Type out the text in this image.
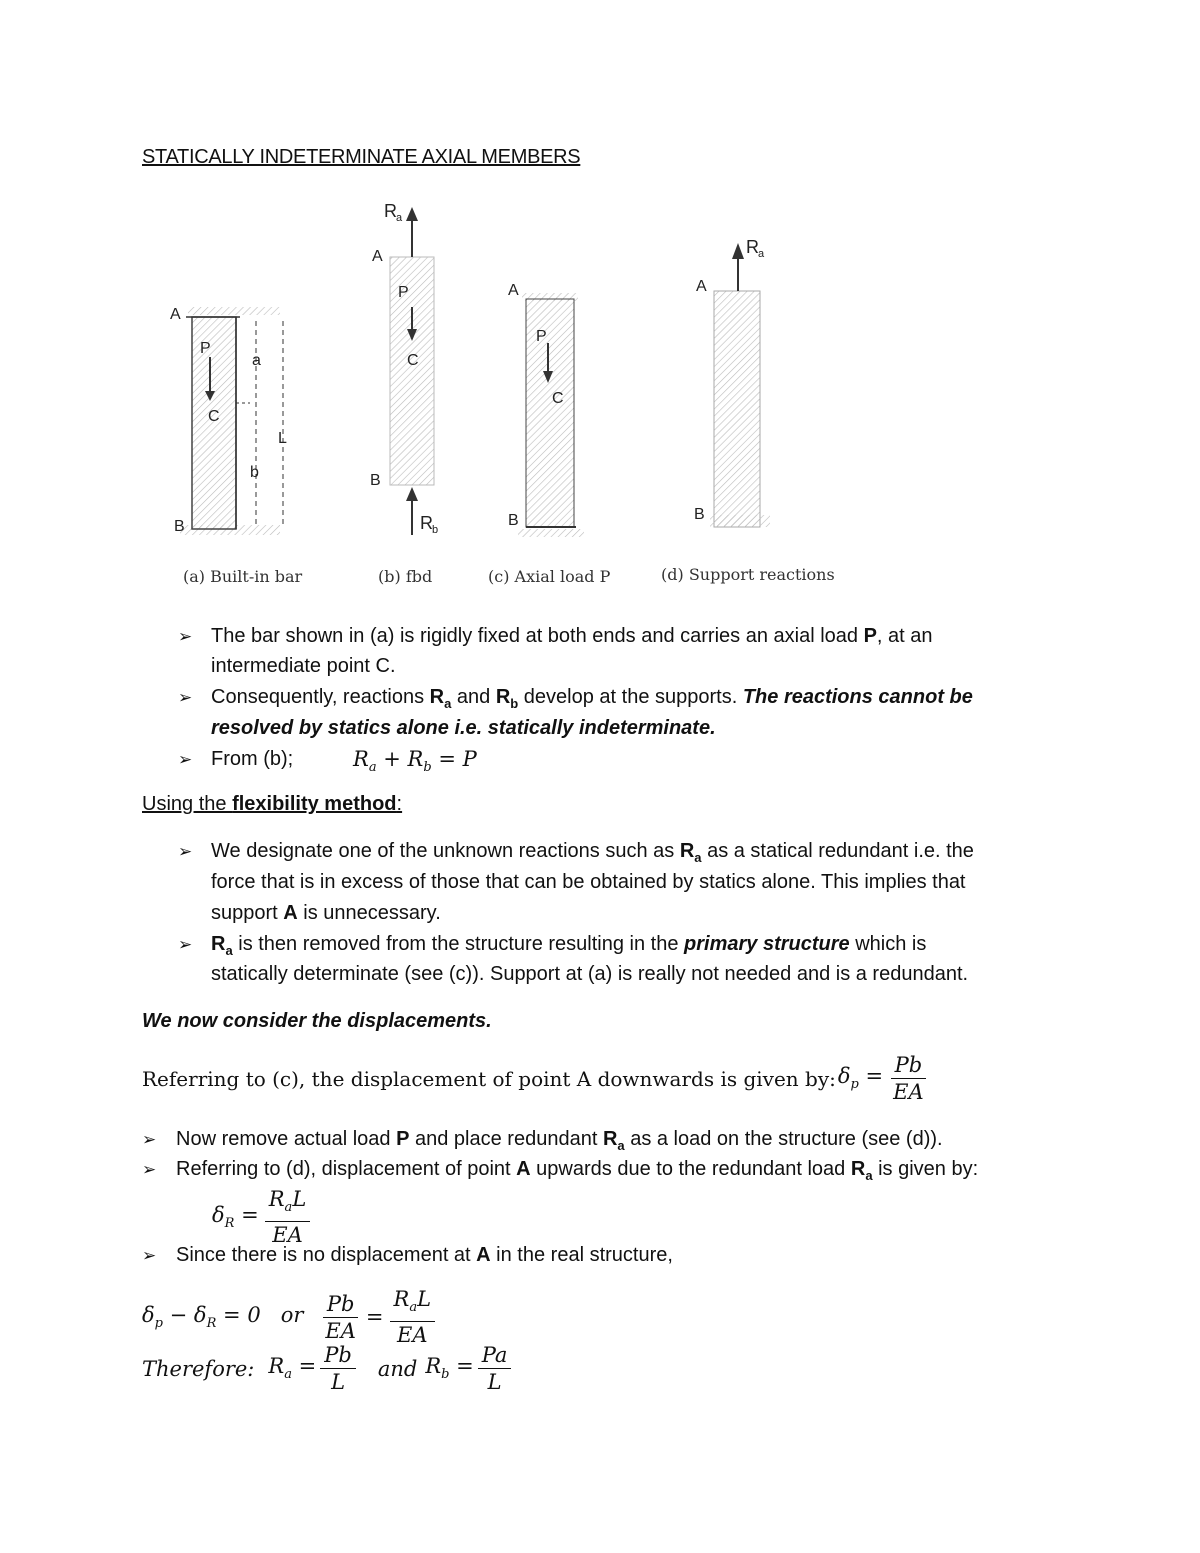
STATICALLY INDETERMINATE AXIAL MEMBERS
P
C
A
B
a
b
L
R a
A
P
C
B
R b
A
P
C
B
R a
A
B
(a) Built-in bar	(b) fbd	(c) Axial load P	(d) Support reactions
➢ The bar shown in (a) is rigidly fixed at both ends and carries an axial load P, at an
intermediate point C.
➢ Consequently, reactions $R_a$ and $R_b$ develop at the supports. The reactions cannot be
resolved by statics alone i.e. statically indeterminate.
➢ From (b);	$R_a + R_b = P$
Using the flexibility method:
➢ We designate one of the unknown reactions such as $R_a$ as a statical redundant i.e. the
force that is in excess of those that can be obtained by statics alone. This implies that
support A is unnecessary.
➢ $R_a$ is then removed from the structure resulting in the primary structure which is
statically determinate (see (c)). Support at (a) is really not needed and is a redundant.
We now consider the displacements.
Referring to (c), the displacement of point A downwards is given by: $\delta_p = \frac{Pb}{EA}$
➢ Now remove actual load P and place redundant $R_a$ as a load on the structure (see (d)).
➢ Referring to (d), displacement of point A upwards due to the redundant load $R_a$ is given by:
$\delta_R = \frac{R_aL}{EA}$
➢ Since there is no displacement at A in the real structure,
$\delta_p - \delta_R = 0$   or $\frac{Pb}{EA} = \frac{R_aL}{EA}$
Therefore: $R_a = \frac{Pb}{L}$ and $R_b = \frac{Pa}{L}$
